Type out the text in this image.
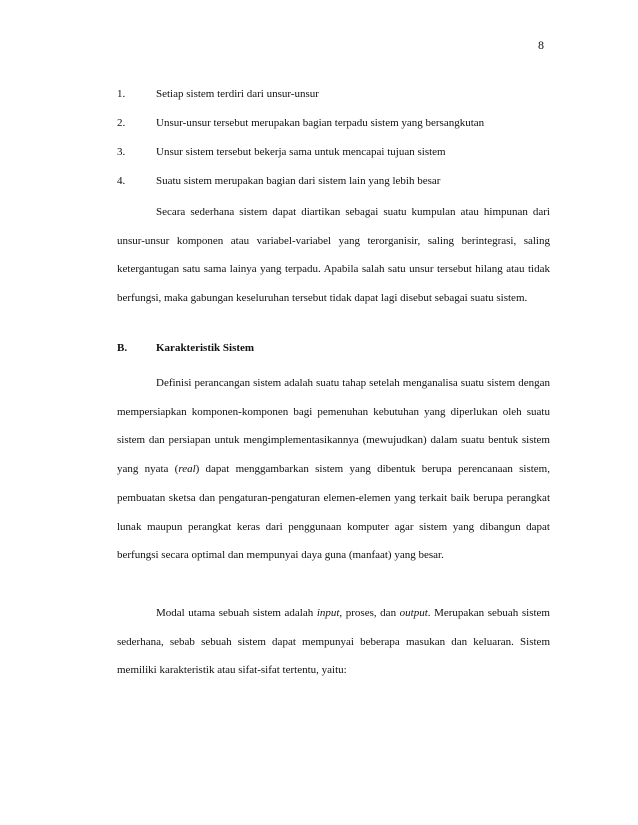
8
1.	Setiap sistem terdiri dari unsur-unsur
2.	Unsur-unsur tersebut merupakan bagian terpadu sistem yang bersangkutan
3.	Unsur sistem tersebut bekerja sama untuk mencapai tujuan sistem
4.	Suatu sistem merupakan bagian dari sistem lain yang lebih besar

Secara sederhana sistem dapat diartikan sebagai suatu kumpulan atau himpunan dari unsur-unsur komponen atau variabel-variabel yang terorganisir, saling berintegrasi, saling ketergantugan satu sama lainya yang terpadu. Apabila salah satu unsur tersebut hilang atau tidak berfungsi, maka gabungan keseluruhan tersebut tidak dapat lagi disebut sebagai suatu sistem.

B.	Karakteristik Sistem

Definisi perancangan sistem adalah suatu tahap setelah menganalisa suatu sistem dengan mempersiapkan komponen-komponen bagi pemenuhan kebutuhan yang diperlukan oleh suatu sistem dan persiapan untuk mengimplementasikannya (mewujudkan) dalam suatu bentuk sistem yang nyata (real) dapat menggambarkan sistem yang dibentuk berupa perencanaan sistem, pembuatan sketsa dan pengaturan-pengaturan elemen-elemen yang terkait baik berupa perangkat lunak maupun perangkat keras dari penggunaan komputer agar sistem yang dibangun dapat berfungsi secara optimal dan mempunyai daya guna (manfaat) yang besar.

Modal utama sebuah sistem adalah input, proses, dan output. Merupakan sebuah sistem sederhana, sebab sebuah sistem dapat mempunyai beberapa masukan dan keluaran. Sistem memiliki karakteristik atau sifat-sifat tertentu, yaitu:
